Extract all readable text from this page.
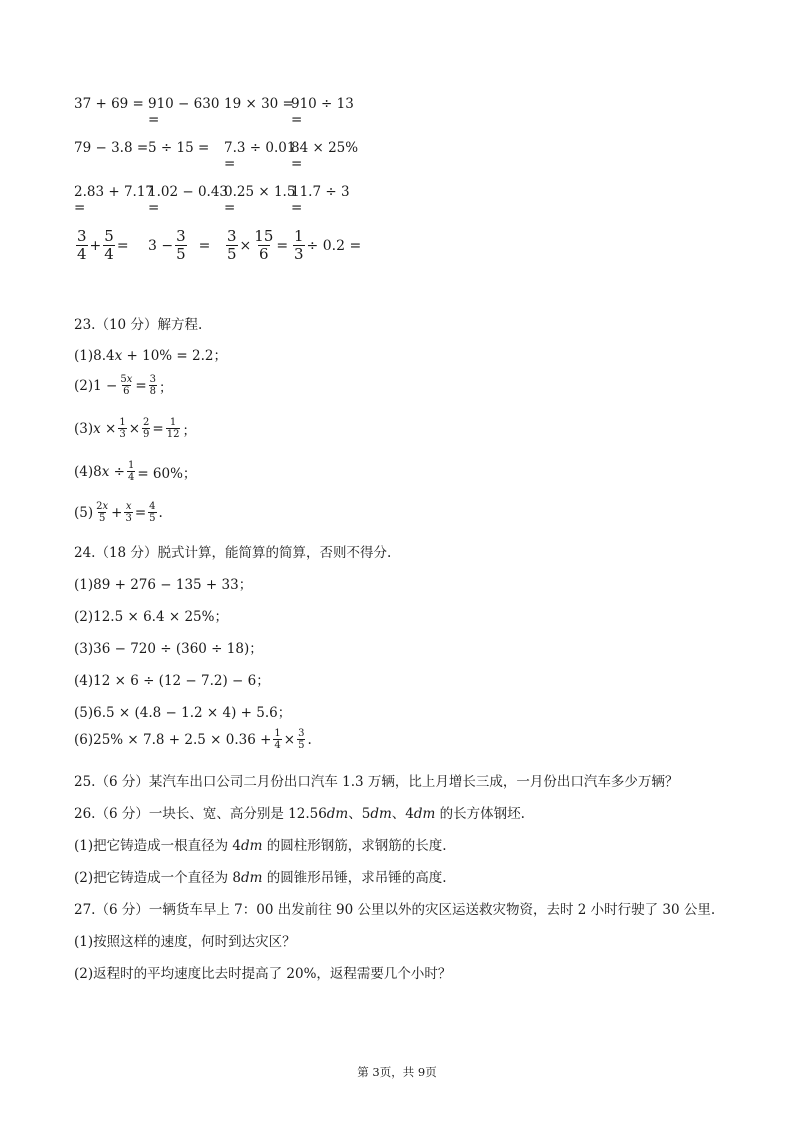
37 + 69 = 910 − 630
=
19 × 30 =
910 ÷ 13
=
79 − 3.8 = 5 ÷ 15 = 7.3 ÷ 0.01
=
84 × 25%
=
2.83 + 7.17
=
1.02 − 0.43
=
0.25 × 1.5
=
11.7 ÷ 3
=
$\frac{3}{4} + \frac{5}{4} = 3 - \frac{3}{5} = \frac{3}{5} \times \frac{15}{6} = \frac{1}{3} \div 0.2$ =
23.（10 分）解方程.
(1)8.4𝑥 + 10% = 2.2；
$(2)1 - \frac{\text{5𝑥}}{6} = \frac{3}{8}$ ；
(3)𝑥 × $\frac{1}{3} \times \frac{2}{9} = \frac{1}{12}$ ；
(4)8𝑥 ÷ $\frac{1}{4} = 60\%$；
$(5) \frac{\text{2𝑥}}{5} + \frac{\text{𝑥}}{3} = \frac{4}{5}$ .
24.（18 分）脱式计算，能简算的简算，否则不得分.
(1)89 + 276 − 135 + 33；
(2)12.5 × 6.4 × 25%；
(3)36 − 720 ÷ (360 ÷ 18)；
(4)12 × 6 ÷ (12 − 7.2) − 6；
(5)6.5 × (4.8 − 1.2 × 4) + 5.6；
$(6)25\% \times 7.8 + 2.5 \times 0.36 + \frac{1}{4} \times \frac{3}{5}$ .
25.（6 分）某汽车出口公司二月份出口汽车 1.3 万辆，比上月增长三成，一月份出口汽车多少万辆？
26.（6 分）一块长、宽、高分别是 12.56𝑑𝑚、5𝑑𝑚、4𝑑𝑚 的长方体钢坯.
(1)把它铸造成一根直径为 4𝑑𝑚 的圆柱形钢筋，求钢筋的长度.
(2)把它铸造成一个直径为 8𝑑𝑚 的圆锥形吊锤，求吊锤的高度.
27.（6 分）一辆货车早上 7：00 出发前往 90 公里以外的灾区运送救灾物资，去时 2 小时行驶了 30 公里.
(1)按照这样的速度，何时到达灾区？
(2)返程时的平均速度比去时提高了 20%，返程需要几个小时？
第 3页，共 9页
